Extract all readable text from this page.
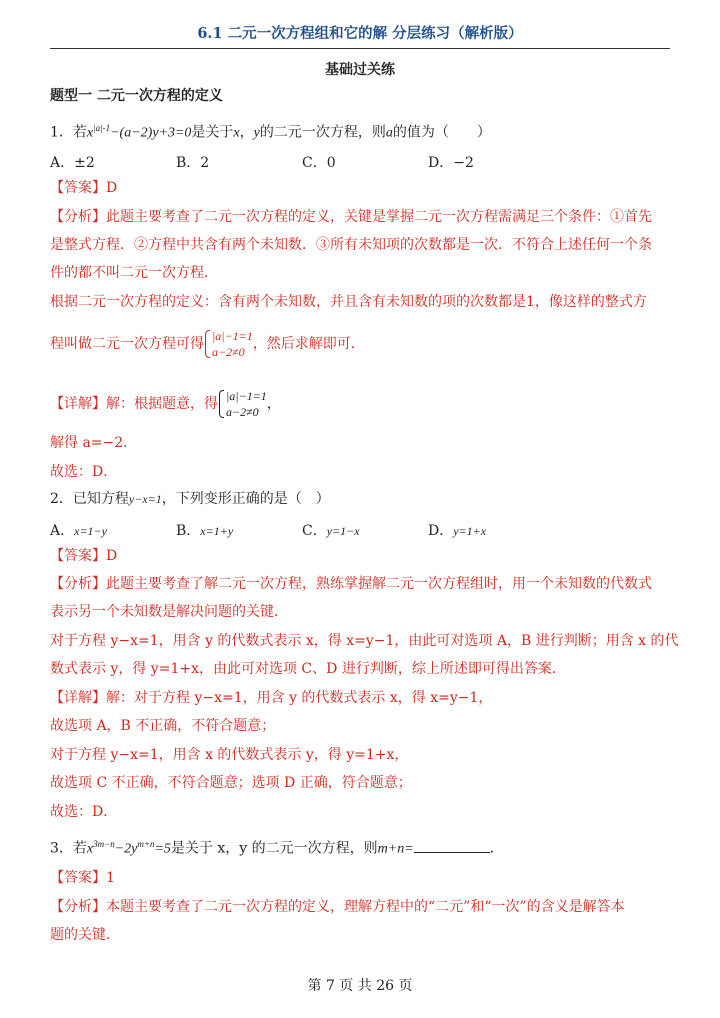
6.1 二元一次方程组和它的解 分层练习（解析版）
基础过关练
题型一 二元一次方程的定义
1．若$x^{|a|-1}-(a-2)y+3=0$是关于x，y的二元一次方程，则a的值为（　　）
A．±2	B．2	C．0	D．−2
【答案】D
【分析】此题主要考查了二元一次方程的定义，关键是掌握二元一次方程需满足三个条件：①首先
是整式方程．②方程中共含有两个未知数．③所有未知项的次数都是一次．不符合上述任何一个条
件的都不叫二元一次方程．
根据二元一次方程的定义：含有两个未知数，并且含有未知数的项的次数都是1，像这样的整式方
程叫做二元一次方程可得 |a|−1=1
a−2≠0 ，然后求解即可．
【详解】解：根据题意，得 |a|−1=1
a−2≠0 ，
解得 a=−2．
故选：D．
2．已知方程y−x=1，下列变形正确的是（　）
A．x=1−y	B．x=1+y	C．y=1−x	D．y=1+x
【答案】D
【分析】此题主要考查了解二元一次方程，熟练掌握解二元一次方程组时，用一个未知数的代数式
表示另一个未知数是解决问题的关键．
对于方程 y−x=1，用含 y 的代数式表示 x，得 x=y−1，由此可对选项 A，B 进行判断；用含 x 的代
数式表示 y，得 y=1+x，由此可对选项 C、D 进行判断，综上所述即可得出答案．
【详解】解：对于方程 y−x=1，用含 y 的代数式表示 x，得 x=y−1，
故选项 A，B 不正确，不符合题意；
对于方程 y−x=1，用含 x 的代数式表示 y，得 y=1+x，
故选项 C 不正确，不符合题意；选项 D 正确，符合题意；
故选：D．
3．若$x^{3m-n}-2y^{m+n}=5$是关于 x，y 的二元一次方程，则m+n=	．
【答案】1
【分析】本题主要考查了二元一次方程的定义，理解方程中的“二元”和“一次”的含义是解答本
题的关键．
第 7 页 共 26 页
